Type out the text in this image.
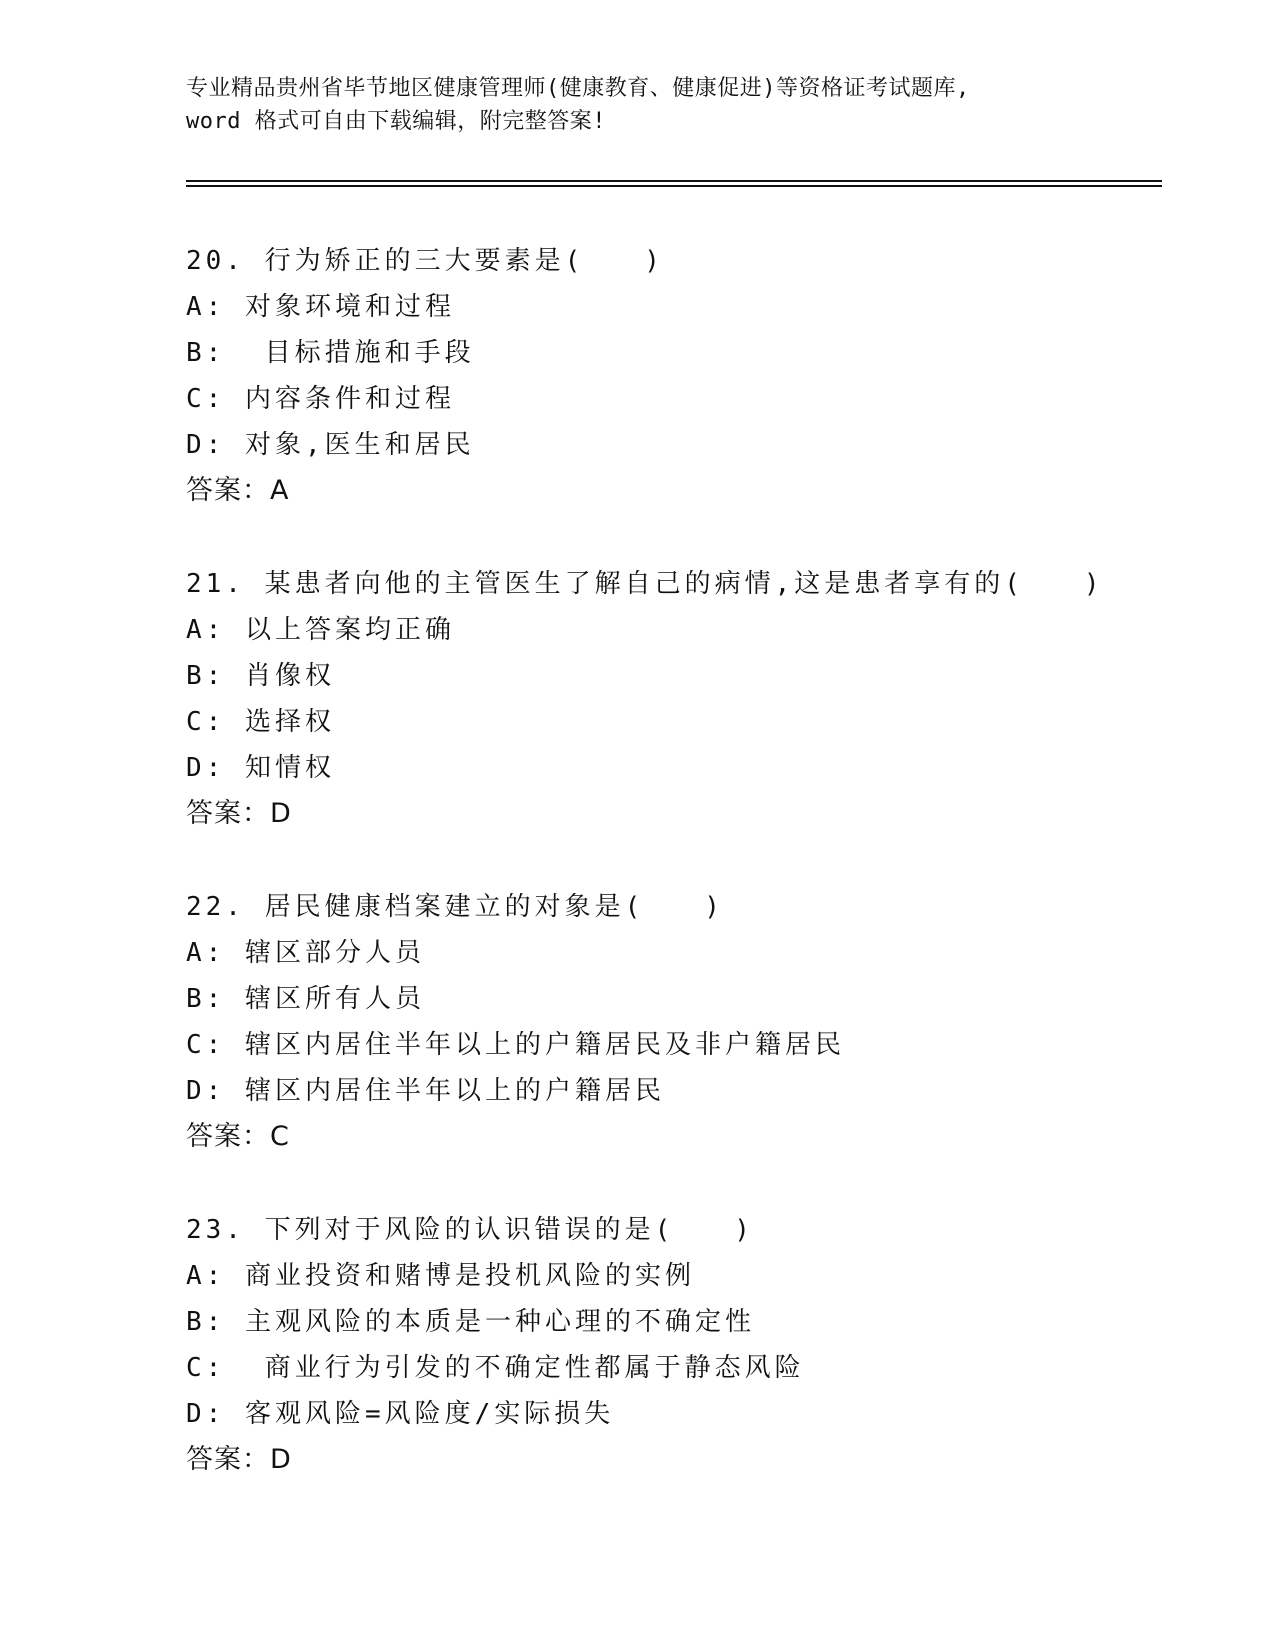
专业精品贵州省毕节地区健康管理师(健康教育、健康促进)等资格证考试题库,
word 格式可自由下载编辑，附完整答案!
20. 行为矫正的三大要素是(　　)
A: 对象环境和过程
B:  目标措施和手段
C: 内容条件和过程
D: 对象,医生和居民
答案：A
21. 某患者向他的主管医生了解自己的病情,这是患者享有的(　　)
A: 以上答案均正确
B: 肖像权
C: 选择权
D: 知情权
答案：D
22. 居民健康档案建立的对象是(　　)
A: 辖区部分人员
B: 辖区所有人员
C: 辖区内居住半年以上的户籍居民及非户籍居民
D: 辖区内居住半年以上的户籍居民
答案：C
23. 下列对于风险的认识错误的是(　　)
A: 商业投资和赌博是投机风险的实例
B: 主观风险的本质是一种心理的不确定性
C:  商业行为引发的不确定性都属于静态风险
D: 客观风险=风险度/实际损失
答案：D
